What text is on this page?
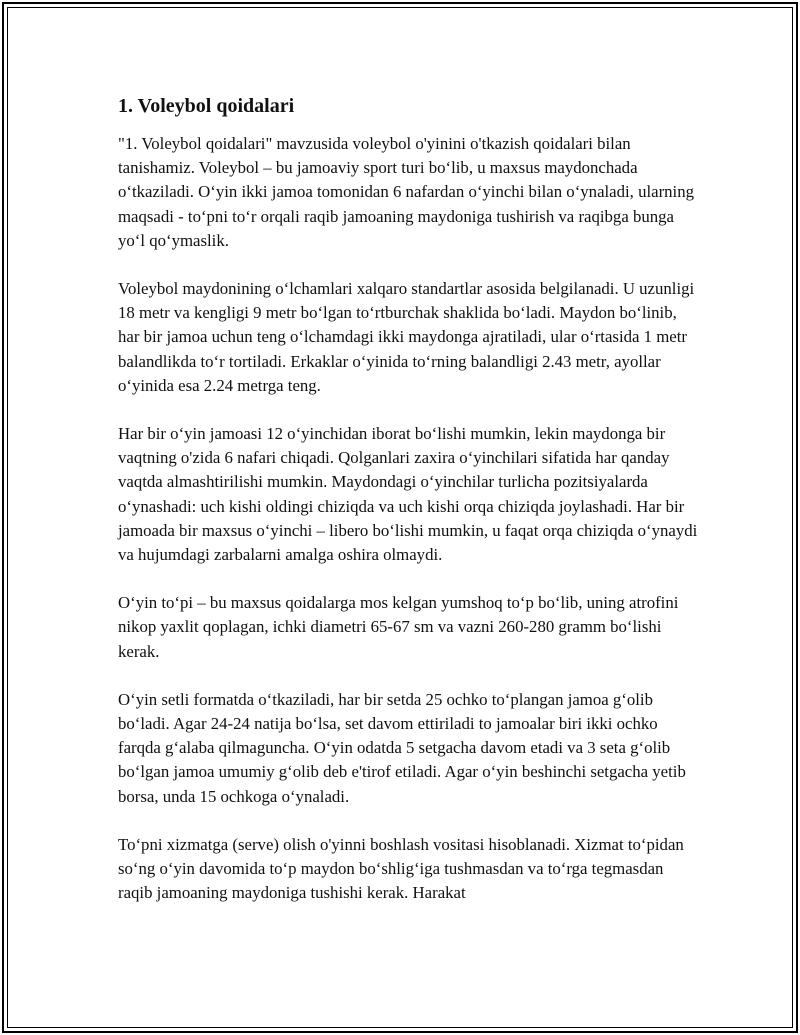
1. Voleybol qoidalari

"1. Voleybol qoidalari" mavzusida voleybol o'yinini o'tkazish qoidalari bilan tanishamiz. Voleybol – bu jamoaviy sport turi boʻlib, u maxsus maydonchada oʻtkaziladi. Oʻyin ikki jamoa tomonidan 6 nafardan oʻyinchi bilan oʻynaladi, ularning maqsadi - toʻpni toʻr orqali raqib jamoaning maydoniga tushirish va raqibga bunga yoʻl qoʻymaslik.

Voleybol maydonining oʻlchamlari xalqaro standartlar asosida belgilanadi. U uzunligi 18 metr va kengligi 9 metr boʻlgan toʻrtburchak shaklida boʻladi. Maydon boʻlinib, har bir jamoa uchun teng oʻlchamdagi ikki maydonga ajratiladi, ular oʻrtasida 1 metr balandlikda toʻr tortiladi. Erkaklar oʻyinida toʻrning balandligi 2.43 metr, ayollar oʻyinida esa 2.24 metrga teng.

Har bir oʻyin jamoasi 12 oʻyinchidan iborat boʻlishi mumkin, lekin maydonga bir vaqtning o'zida 6 nafari chiqadi. Qolganlari zaxira oʻyinchilari sifatida har qanday vaqtda almashtirilishi mumkin. Maydondagi oʻyinchilar turlicha pozitsiyalarda oʻynashadi: uch kishi oldingi chiziqda va uch kishi orqa chiziqda joylashadi. Har bir jamoada bir maxsus oʻyinchi – libero boʻlishi mumkin, u faqat orqa chiziqda oʻynaydi va hujumdagi zarbalarni amalga oshira olmaydi.

Oʻyin toʻpi – bu maxsus qoidalarga mos kelgan yumshoq toʻp boʻlib, uning atrofini nikop yaxlit qoplagan, ichki diametri 65-67 sm va vazni 260-280 gramm boʻlishi kerak.

Oʻyin setli formatda oʻtkaziladi, har bir setda 25 ochko toʻplangan jamoa gʻolib boʻladi. Agar 24-24 natija boʻlsa, set davom ettiriladi to jamoalar biri ikki ochko farqda gʻalaba qilmaguncha. Oʻyin odatda 5 setgacha davom etadi va 3 seta gʻolib boʻlgan jamoa umumiy gʻolib deb e'tirof etiladi. Agar oʻyin beshinchi setgacha yetib borsa, unda 15 ochkoga oʻynaladi.

Toʻpni xizmatga (serve) olish o'yinni boshlash vositasi hisoblanadi. Xizmat toʻpidan soʻng oʻyin davomida toʻp maydon boʻshligʻiga tushmasdan va toʻrga tegmasdan raqib jamoaning maydoniga tushishi kerak. Harakat
